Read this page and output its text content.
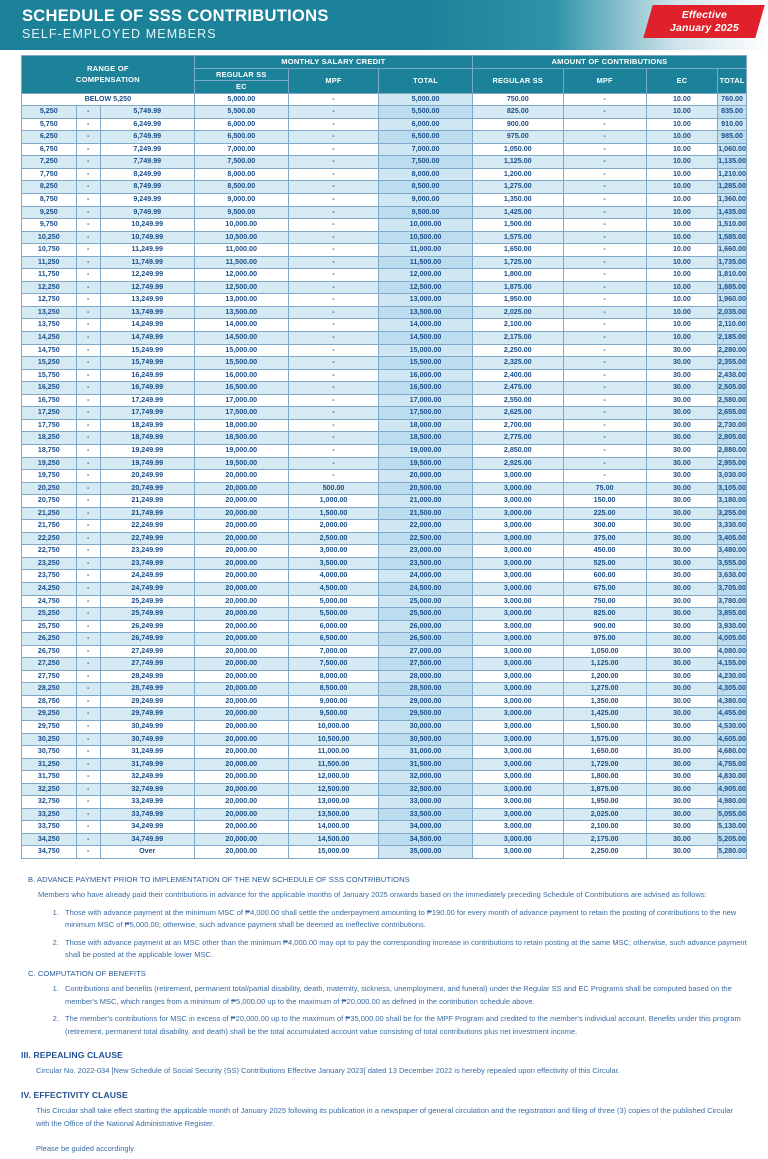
SCHEDULE OF SSS CONTRIBUTIONS
SELF-EMPLOYED MEMBERS
Effective
January 2025
RANGE OF
COMPENSATION			MONTHLY SALARY CREDIT			AMOUNT OF CONTRIBUTIONS			
			REGULAR SS	MPF	TOTAL	REGULAR SS	MPF	EC	TOTAL
			EC						
BELOW 5,250			5,000.00	-	5,000.00	750.00	-	10.00	760.00
5,250	-	5,749.99	5,500.00	-	5,500.00	825.00	-	10.00	835.00
5,750	-	6,249.99	6,000.00	-	6,000.00	900.00	-	10.00	910.00
6,250	-	6,749.99	6,500.00	-	6,500.00	975.00	-	10.00	985.00
6,750	-	7,249.99	7,000.00	-	7,000.00	1,050.00	-	10.00	1,060.00
7,250	-	7,749.99	7,500.00	-	7,500.00	1,125.00	-	10.00	1,135.00
7,750	-	8,249.99	8,000.00	-	8,000.00	1,200.00	-	10.00	1,210.00
8,250	-	8,749.99	8,500.00	-	8,500.00	1,275.00	-	10.00	1,285.00
8,750	-	9,249.99	9,000.00	-	9,000.00	1,350.00	-	10.00	1,360.00
9,250	-	9,749.99	9,500.00	-	9,500.00	1,425.00	-	10.00	1,435.00
9,750	-	10,249.99	10,000.00	-	10,000.00	1,500.00	-	10.00	1,510.00
10,250	-	10,749.99	10,500.00	-	10,500.00	1,575.00	-	10.00	1,585.00
10,750	-	11,249.99	11,000.00	-	11,000.00	1,650.00	-	10.00	1,660.00
11,250	-	11,749.99	11,500.00	-	11,500.00	1,725.00	-	10.00	1,735.00
11,750	-	12,249.99	12,000.00	-	12,000.00	1,800.00	-	10.00	1,810.00
12,250	-	12,749.99	12,500.00	-	12,500.00	1,875.00	-	10.00	1,885.00
12,750	-	13,249.99	13,000.00	-	13,000.00	1,950.00	-	10.00	1,960.00
13,250	-	13,749.99	13,500.00	-	13,500.00	2,025.00	-	10.00	2,035.00
13,750	-	14,249.99	14,000.00	-	14,000.00	2,100.00	-	10.00	2,110.00
14,250	-	14,749.99	14,500.00	-	14,500.00	2,175.00	-	10.00	2,185.00
14,750	-	15,249.99	15,000.00	-	15,000.00	2,250.00	-	30.00	2,280.00
15,250	-	15,749.99	15,500.00	-	15,500.00	2,325.00	-	30.00	2,355.00
15,750	-	16,249.99	16,000.00	-	16,000.00	2,400.00	-	30.00	2,430.00
16,250	-	16,749.99	16,500.00	-	16,500.00	2,475.00	-	30.00	2,505.00
16,750	-	17,249.99	17,000.00	-	17,000.00	2,550.00	-	30.00	2,580.00
17,250	-	17,749.99	17,500.00	-	17,500.00	2,625.00	-	30.00	2,655.00
17,750	-	18,249.99	18,000.00	-	18,000.00	2,700.00	-	30.00	2,730.00
18,250	-	18,749.99	18,500.00	-	18,500.00	2,775.00	-	30.00	2,805.00
18,750	-	19,249.99	19,000.00	-	19,000.00	2,850.00	-	30.00	2,880.00
19,250	-	19,749.99	19,500.00	-	19,500.00	2,925.00	-	30.00	2,955.00
19,750	-	20,249.99	20,000.00	-	20,000.00	3,000.00	-	30.00	3,030.00
20,250	-	20,749.99	20,000.00	500.00	20,500.00	3,000.00	75.00	30.00	3,105.00
20,750	-	21,249.99	20,000.00	1,000.00	21,000.00	3,000.00	150.00	30.00	3,180.00
21,250	-	21,749.99	20,000.00	1,500.00	21,500.00	3,000.00	225.00	30.00	3,255.00
21,750	-	22,249.99	20,000.00	2,000.00	22,000.00	3,000.00	300.00	30.00	3,330.00
22,250	-	22,749.99	20,000.00	2,500.00	22,500.00	3,000.00	375.00	30.00	3,405.00
22,750	-	23,249.99	20,000.00	3,000.00	23,000.00	3,000.00	450.00	30.00	3,480.00
23,250	-	23,749.99	20,000.00	3,500.00	23,500.00	3,000.00	525.00	30.00	3,555.00
23,750	-	24,249.99	20,000.00	4,000.00	24,000.00	3,000.00	600.00	30.00	3,630.00
24,250	-	24,749.99	20,000.00	4,500.00	24,500.00	3,000.00	675.00	30.00	3,705.00
24,750	-	25,249.99	20,000.00	5,000.00	25,000.00	3,000.00	750.00	30.00	3,780.00
25,250	-	25,749.99	20,000.00	5,500.00	25,500.00	3,000.00	825.00	30.00	3,855.00
25,750	-	26,249.99	20,000.00	6,000.00	26,000.00	3,000.00	900.00	30.00	3,930.00
26,250	-	26,749.99	20,000.00	6,500.00	26,500.00	3,000.00	975.00	30.00	4,005.00
26,750	-	27,249.99	20,000.00	7,000.00	27,000.00	3,000.00	1,050.00	30.00	4,080.00
27,250	-	27,749.99	20,000.00	7,500.00	27,500.00	3,000.00	1,125.00	30.00	4,155.00
27,750	-	28,249.99	20,000.00	8,000.00	28,000.00	3,000.00	1,200.00	30.00	4,230.00
28,250	-	28,749.99	20,000.00	8,500.00	28,500.00	3,000.00	1,275.00	30.00	4,305.00
28,750	-	29,249.99	20,000.00	9,000.00	29,000.00	3,000.00	1,350.00	30.00	4,380.00
29,250	-	29,749.99	20,000.00	9,500.00	29,500.00	3,000.00	1,425.00	30.00	4,455.00
29,750	-	30,249.99	20,000.00	10,000.00	30,000.00	3,000.00	1,500.00	30.00	4,530.00
30,250	-	30,749.99	20,000.00	10,500.00	30,500.00	3,000.00	1,575.00	30.00	4,605.00
30,750	-	31,249.99	20,000.00	11,000.00	31,000.00	3,000.00	1,650.00	30.00	4,680.00
31,250	-	31,749.99	20,000.00	11,500.00	31,500.00	3,000.00	1,725.00	30.00	4,755.00
31,750	-	32,249.99	20,000.00	12,000.00	32,000.00	3,000.00	1,800.00	30.00	4,830.00
32,250	-	32,749.99	20,000.00	12,500.00	32,500.00	3,000.00	1,875.00	30.00	4,905.00
32,750	-	33,249.99	20,000.00	13,000.00	33,000.00	3,000.00	1,950.00	30.00	4,980.00
33,250	-	33,749.99	20,000.00	13,500.00	33,500.00	3,000.00	2,025.00	30.00	5,055.00
33,750	-	34,249.99	20,000.00	14,000.00	34,000.00	3,000.00	2,100.00	30.00	5,130.00
34,250	-	34,749.99	20,000.00	14,500.00	34,500.00	3,000.00	2,175.00	30.00	5,205.00
34,750	-	Over	20,000.00	15,000.00	35,000.00	3,000.00	2,250.00	30.00	5,280.00
B. ADVANCE PAYMENT PRIOR TO IMPLEMENTATION OF THE NEW SCHEDULE OF SSS CONTRIBUTIONS
Members who have already paid their contributions in advance for the applicable months of January 2025 onwards based on the immediately preceding Schedule of Contributions are advised as follows:
1. Those with advance payment at the minimum MSC of ₱4,000.00 shall settle the underpayment amounting to ₱190.00 for every month of advance payment to retain the posting of contributions to the new minimum MSC of ₱5,000.00; otherwise, such advance payment shall be deemed as ineffective contributions.
2. Those with advance payment at an MSC other than the minimum ₱4,000.00 may opt to pay the corresponding increase in contributions to retain posting at the same MSC; otherwise, such advance payment shall be posted at the applicable lower MSC.
C. COMPUTATION OF BENEFITS
1. Contributions and benefits (retirement, permanent total/partial disability, death, maternity, sickness, unemployment, and funeral) under the Regular SS and EC Programs shall be computed based on the member's MSC, which ranges from a minimum of ₱5,000.00 up to the maximum of ₱20,000.00 as defined in the contribution schedule above.
2. The member's contributions for MSC in excess of ₱20,000.00 up to the maximum of ₱35,000.00 shall be for the MPF Program and credited to the member's individual account. Benefits under this program (retirement, permanent total disability, and death) shall be the total accumulated account value consisting of total contributions plus net investment income.
III. REPEALING CLAUSE
Circular No. 2022-034 [New Schedule of Social Security (SS) Contributions Effective January 2023] dated 13 December 2022 is hereby repealed upon effectivity of this Circular.
IV. EFFECTIVITY CLAUSE
This Circular shall take effect starting the applicable month of January 2025 following its publication in a newspaper of general circulation and the registration and filing of three (3) copies of the published Circular with the Office of the National Administrative Register.
Please be guided accordingly.
